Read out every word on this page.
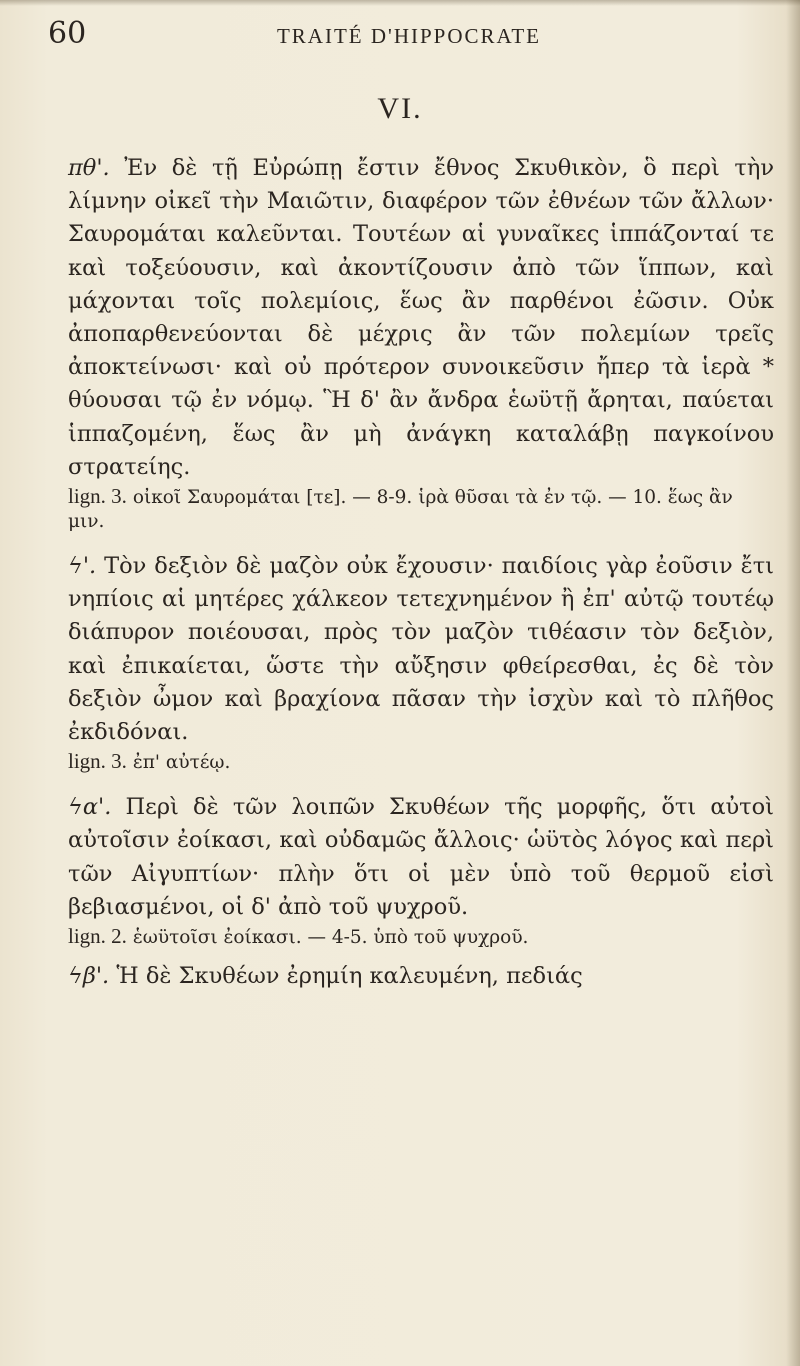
60	TRAITÉ D'HIPPOCRATE
VI.

πθ'. Ἐν δὲ τῇ Εὐρώπῃ ἔστιν ἔθνος Σκυθικὸν, ὃ περὶ τὴν λίμνην οἰκεῖ τὴν Μαιῶτιν, διαφέρον τῶν ἐθνέων τῶν ἄλλων· Σαυρομάται καλεῦνται. Τουτέων αἱ γυναῖκες ἱππάζονταί τε καὶ τοξεύουσιν, καὶ ἀκοντίζουσιν ἀπὸ τῶν ἵππων, καὶ μάχονται τοῖς πολεμίοις, ἕως ἂν παρθένοι ἐῶσιν. Οὐκ ἀποπαρθενεύονται δὲ μέχρις ἂν τῶν πολεμίων τρεῖς ἀποκτείνωσι· καὶ οὐ πρότερον συνοικεῦσιν ἤπερ τὰ ἱερὰ * θύουσαι τῷ ἐν νόμῳ. Ἣ δ' ἂν ἄνδρα ἑωϋτῇ ἄρηται, παύεται ἱππαζομένη, ἕως ἂν μὴ ἀνάγκη καταλάβῃ παγκοίνου στρατείης.

lign. 3. οἰκοῖ Σαυρομάται [τε]. — 8-9. ἱρὰ θῦσαι τὰ ἐν τῷ. — 10. ἕως ἂν μιν.

ϟ'. Τὸν δεξιὸν δὲ μαζὸν οὐκ ἔχουσιν· παιδίοις γὰρ ἐοῦσιν ἔτι νηπίοις αἱ μητέρες χάλκεον τετεχνημένον ἢ ἐπ' αὐτῷ τουτέῳ διάπυρον ποιέουσαι, πρὸς τὸν μαζὸν τιθέασιν τὸν δεξιὸν, καὶ ἐπικαίεται, ὥστε τὴν αὔξησιν φθείρεσθαι, ἐς δὲ τὸν δεξιὸν ὦμον καὶ βραχίονα πᾶσαν τὴν ἰσχὺν καὶ τὸ πλῆθος ἐκδιδόναι.

lign. 3. ἐπ' αὐτέῳ.

ϟα'. Περὶ δὲ τῶν λοιπῶν Σκυθέων τῆς μορφῆς, ὅτι αὐτοὶ αὐτοῖσιν ἐοίκασι, καὶ οὐδαμῶς ἄλλοις· ὡϋτὸς λόγος καὶ περὶ τῶν Αἰγυπτίων· πλὴν ὅτι οἱ μὲν ὑπὸ τοῦ θερμοῦ εἰσὶ βεβιασμένοι, οἱ δ' ἀπὸ τοῦ ψυχροῦ.

lign. 2. ἑωϋτοῖσι ἐοίκασι. — 4-5. ὑπὸ τοῦ ψυχροῦ.

ϟβ'. Ἡ δὲ Σκυθέων ἐρημίη καλευμένη, πεδιάς
